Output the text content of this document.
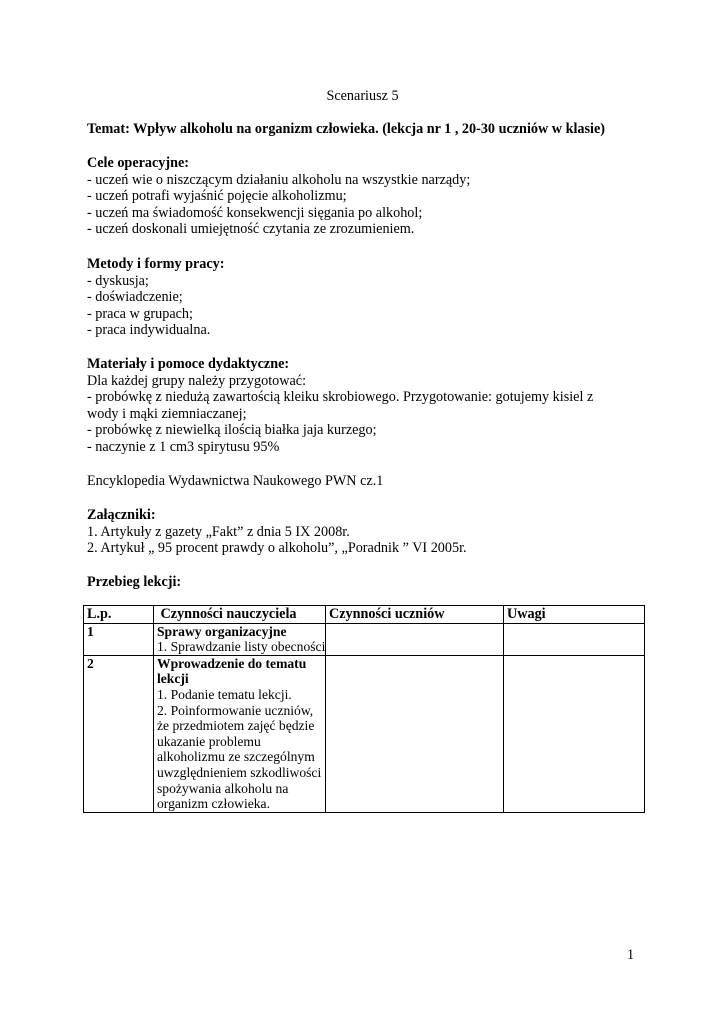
Scenariusz 5
Temat: Wpływ alkoholu na organizm człowieka. (lekcja nr 1 , 20-30 uczniów w klasie)
Cele operacyjne:
- uczeń wie o niszczącym działaniu alkoholu na wszystkie narządy;
- uczeń potrafi wyjaśnić pojęcie alkoholizmu;
- uczeń ma świadomość konsekwencji sięgania po alkohol;
- uczeń doskonali umiejętność czytania ze zrozumieniem.
Metody i formy pracy:
- dyskusja;
- doświadczenie;
- praca w grupach;
- praca indywidualna.
Materiały i pomoce dydaktyczne:
Dla każdej grupy należy przygotować:
- probówkę z niedużą zawartością kleiku skrobiowego. Przygotowanie: gotujemy kisiel z
wody i mąki ziemniaczanej;
- probówkę z niewielką ilością białka jaja kurzego;
- naczynie z 1 cm3 spirytusu 95%
Encyklopedia Wydawnictwa Naukowego PWN cz.1
Załączniki:
1. Artykuły z gazety „Fakt” z dnia 5 IX 2008r.
2. Artykuł „ 95 procent prawdy o alkoholu”, „Poradnik ” VI 2005r.
Przebieg lekcji:
L.p.	Czynności nauczyciela	Czynności uczniów	Uwagi
1	Sprawy organizacyjne
1. Sprawdzanie listy obecności		

2	Wprowadzenie do tematu lekcji
1. Podanie tematu lekcji.
2. Poinformowanie uczniów, że przedmiotem zajęć będzie ukazanie problemu alkoholizmu ze szczególnym uwzględnieniem szkodliwości spożywania alkoholu na organizm człowieka.		

1
